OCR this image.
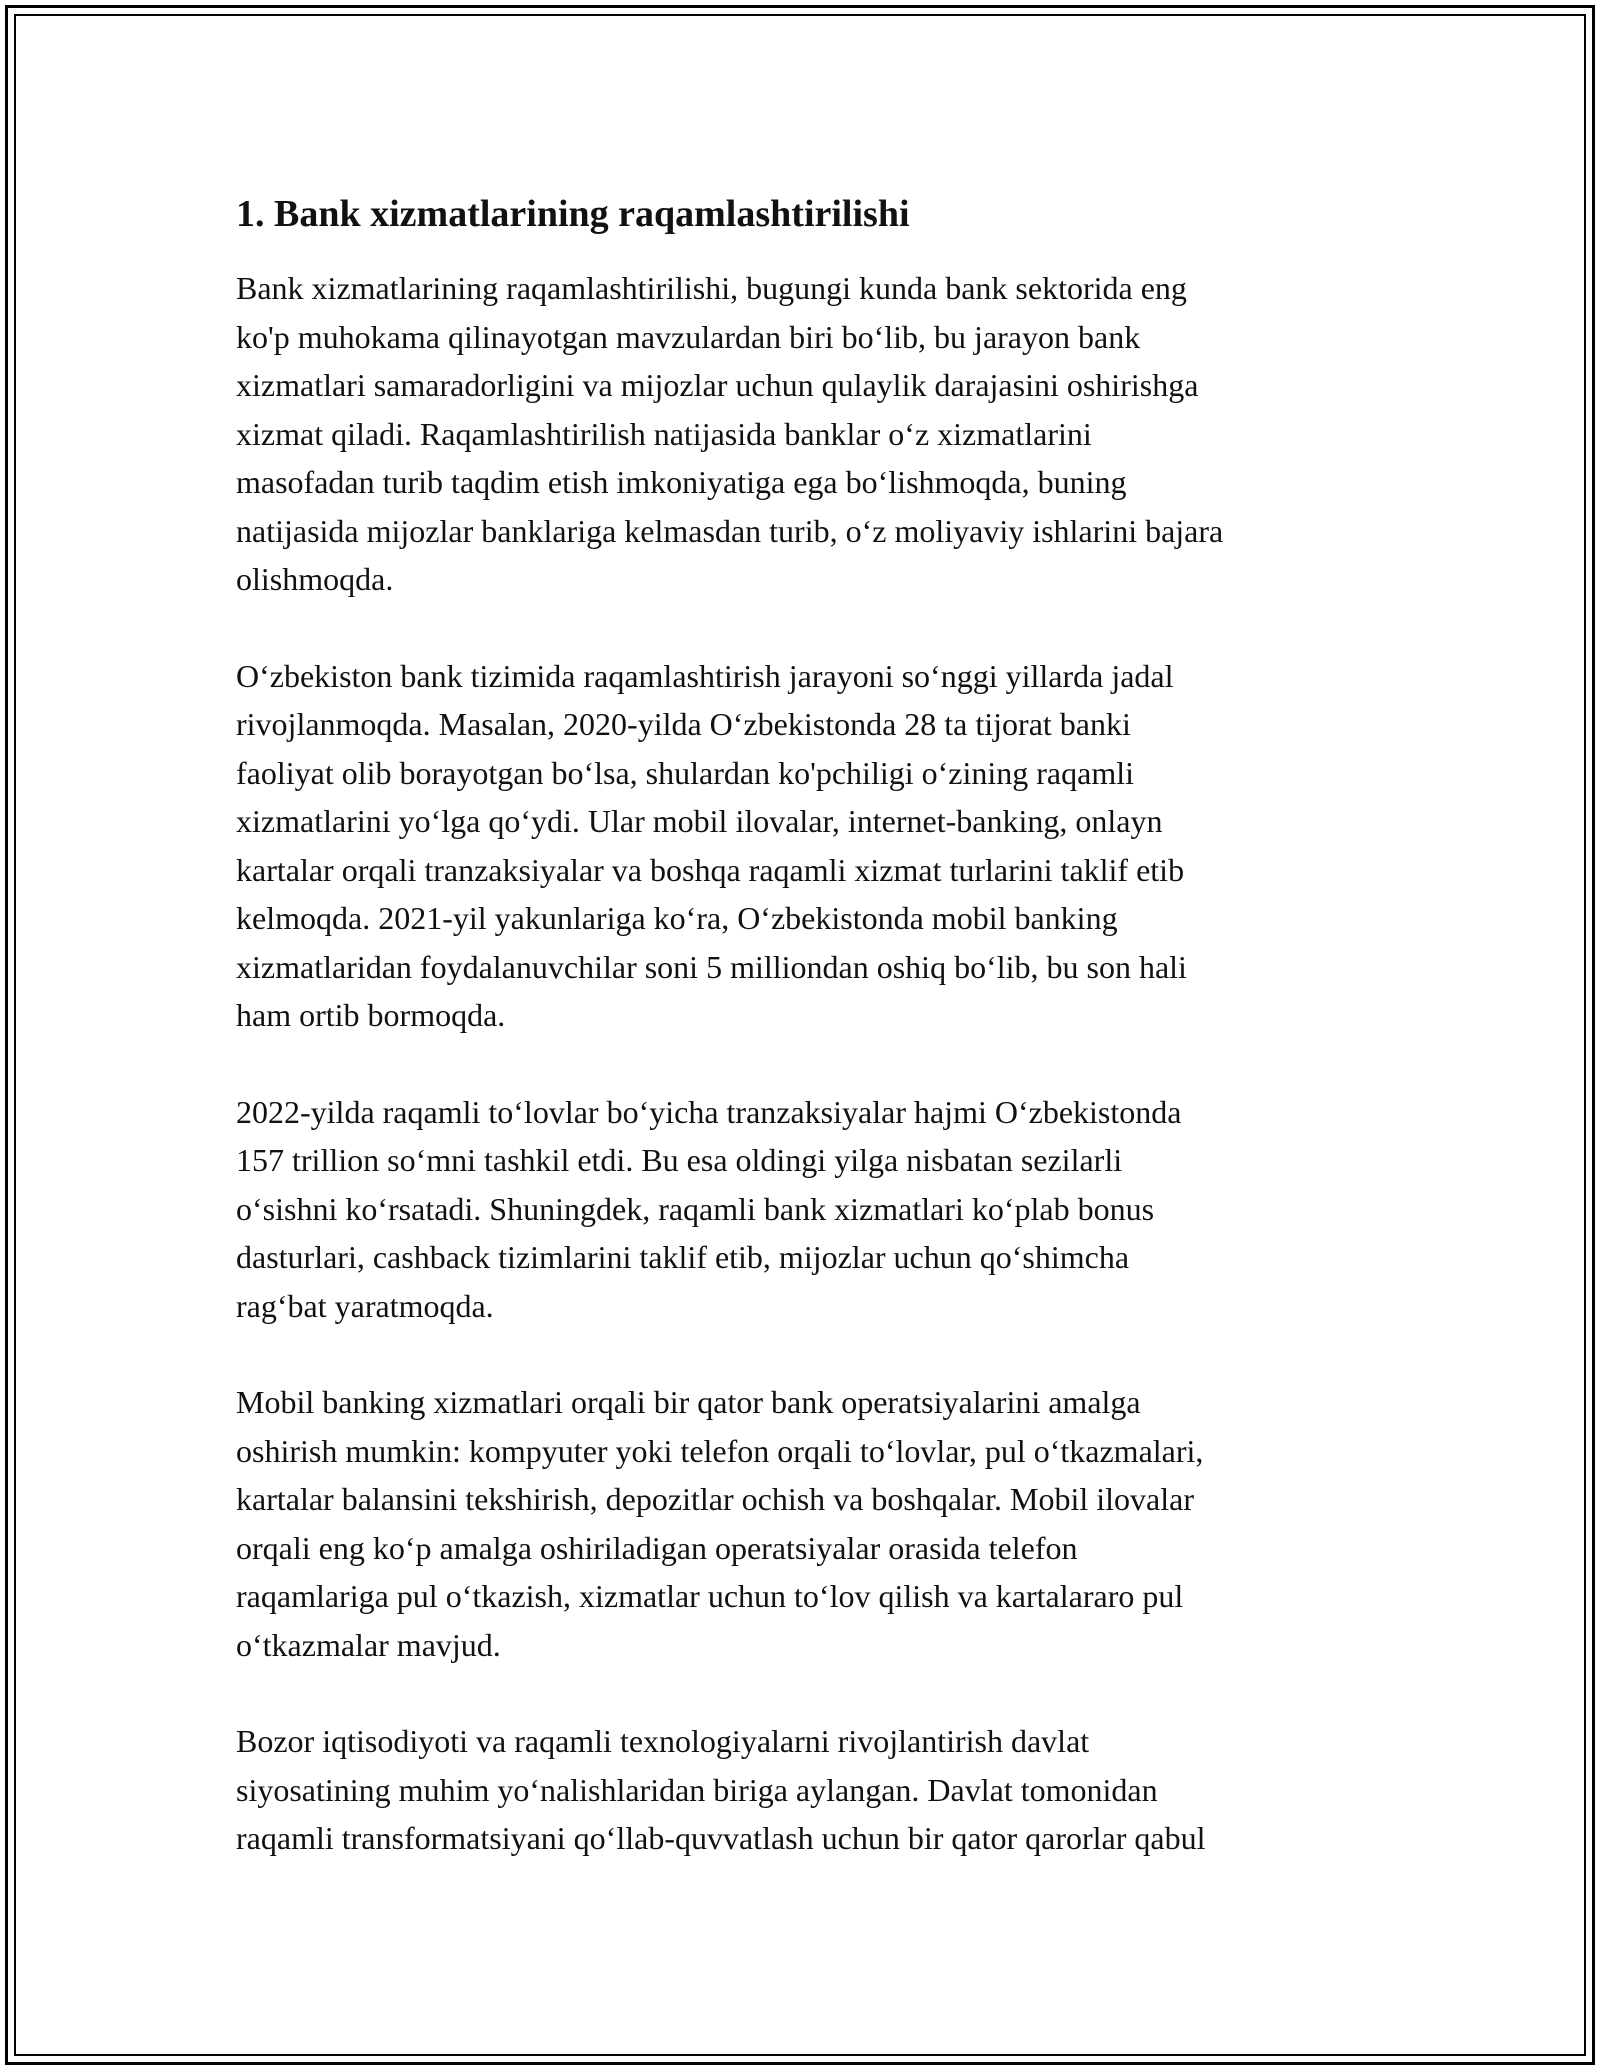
1. Bank xizmatlarining raqamlashtirilishi

Bank xizmatlarining raqamlashtirilishi, bugungi kunda bank sektorida eng
ko'p muhokama qilinayotgan mavzulardan biri boʻlib, bu jarayon bank
xizmatlari samaradorligini va mijozlar uchun qulaylik darajasini oshirishga
xizmat qiladi. Raqamlashtirilish natijasida banklar oʻz xizmatlarini
masofadan turib taqdim etish imkoniyatiga ega boʻlishmoqda, buning
natijasida mijozlar banklariga kelmasdan turib, oʻz moliyaviy ishlarini bajara
olishmoqda.

Oʻzbekiston bank tizimida raqamlashtirish jarayoni soʻnggi yillarda jadal
rivojlanmoqda. Masalan, 2020-yilda Oʻzbekistonda 28 ta tijorat banki
faoliyat olib borayotgan boʻlsa, shulardan ko'pchiligi oʻzining raqamli
xizmatlarini yoʻlga qoʻydi. Ular mobil ilovalar, internet-banking, onlayn
kartalar orqali tranzaksiyalar va boshqa raqamli xizmat turlarini taklif etib
kelmoqda. 2021-yil yakunlariga koʻra, Oʻzbekistonda mobil banking
xizmatlaridan foydalanuvchilar soni 5 milliondan oshiq boʻlib, bu son hali
ham ortib bormoqda.

2022-yilda raqamli toʻlovlar boʻyicha tranzaksiyalar hajmi Oʻzbekistonda
157 trillion soʻmni tashkil etdi. Bu esa oldingi yilga nisbatan sezilarli
oʻsishni koʻrsatadi. Shuningdek, raqamli bank xizmatlari koʻplab bonus
dasturlari, cashback tizimlarini taklif etib, mijozlar uchun qoʻshimcha
ragʻbat yaratmoqda.

Mobil banking xizmatlari orqali bir qator bank operatsiyalarini amalga
oshirish mumkin: kompyuter yoki telefon orqali toʻlovlar, pul oʻtkazmalari,
kartalar balansini tekshirish, depozitlar ochish va boshqalar. Mobil ilovalar
orqali eng koʻp amalga oshiriladigan operatsiyalar orasida telefon
raqamlariga pul oʻtkazish, xizmatlar uchun toʻlov qilish va kartalararo pul
oʻtkazmalar mavjud.

Bozor iqtisodiyoti va raqamli texnologiyalarni rivojlantirish davlat
siyosatining muhim yoʻnalishlaridan biriga aylangan. Davlat tomonidan
raqamli transformatsiyani qoʻllab-quvvatlash uchun bir qator qarorlar qabul
